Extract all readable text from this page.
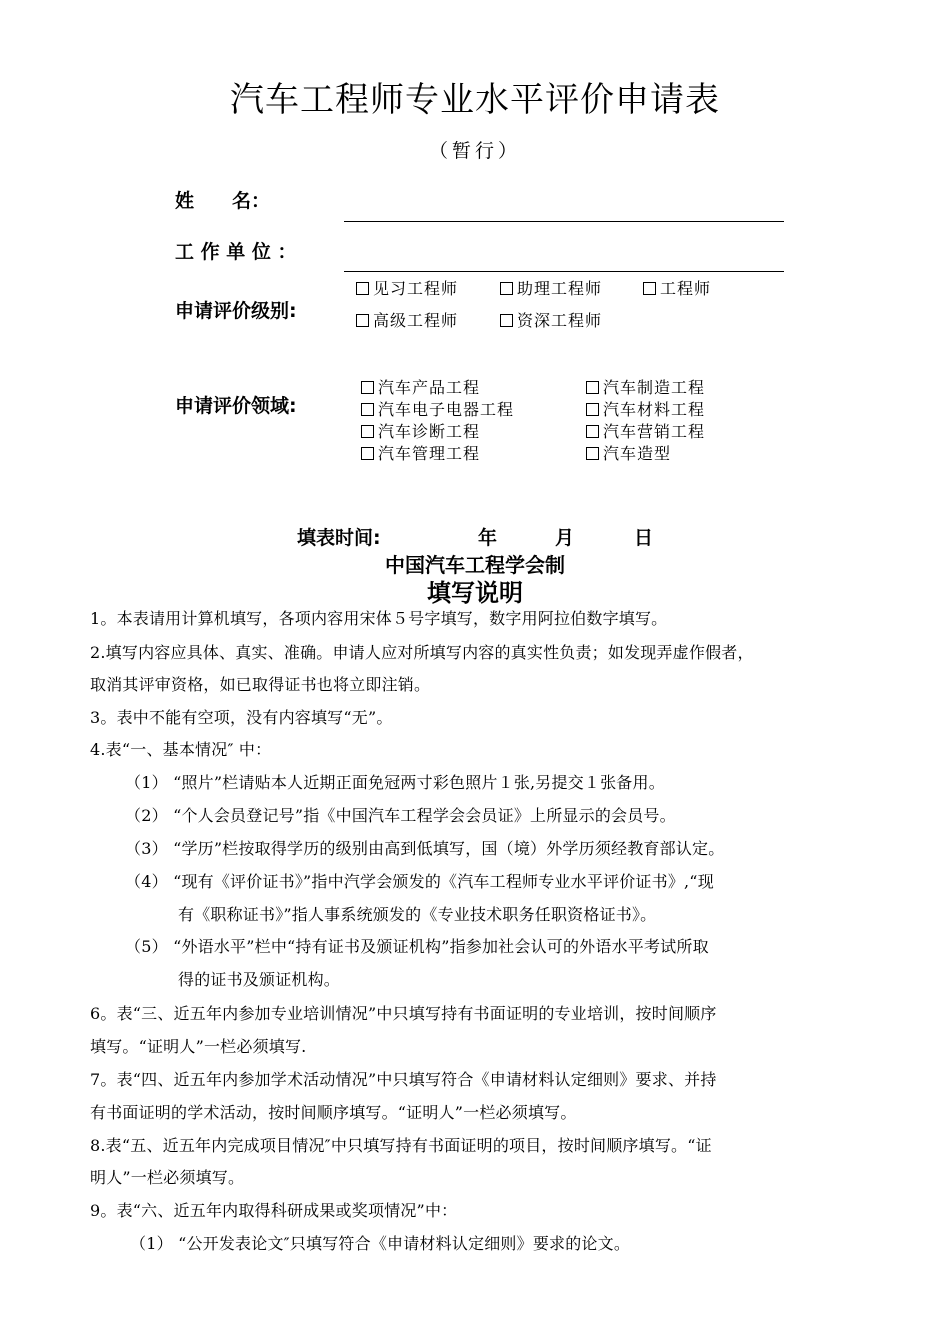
汽车工程师专业水平评价申请表
（暂行）
姓　　名：
工 作 单 位 ：
申请评价级别:
见习工程师	助理工程师	工程师
高级工程师	资深工程师
申请评价领域:
汽车产品工程	汽车制造工程
汽车电子电器工程	汽车材料工程
汽车诊断工程	汽车营销工程
汽车管理工程	汽车造型
填表时间:	年	月	日
中国汽车工程学会制
填写说明
1。本表请用计算机填写，各项内容用宋体５号字填写，数字用阿拉伯数字填写。
2.填写内容应具体、真实、准确。申请人应对所填写内容的真实性负责；如发现弄虚作假者，
取消其评审资格，如已取得证书也将立即注销。
3。表中不能有空项，没有内容填写“无”。
4.表“一、基本情况″ 中：
（1） “照片”栏请贴本人近期正面免冠两寸彩色照片１张,另提交１张备用。
（2） “个人会员登记号”指《中国汽车工程学会会员证》上所显示的会员号。
（3） “学历”栏按取得学历的级别由高到低填写，国（境）外学历须经教育部认定。
（4） “现有《评价证书》”指中汽学会颁发的《汽车工程师专业水平评价证书》,“现
有《职称证书》”指人事系统颁发的《专业技术职务任职资格证书》。
（5） “外语水平”栏中“持有证书及颁证机构”指参加社会认可的外语水平考试所取
得的证书及颁证机构。
6。表“三、近五年内参加专业培训情况”中只填写持有书面证明的专业培训，按时间顺序
填写。“证明人”一栏必须填写.
7。表“四、近五年内参加学术活动情况”中只填写符合《申请材料认定细则》要求、并持
有书面证明的学术活动，按时间顺序填写。“证明人”一栏必须填写。
8.表“五、近五年内完成项目情况″中只填写持有书面证明的项目，按时间顺序填写。“证
明人”一栏必须填写。
9。表“六、近五年内取得科研成果或奖项情况”中：
（1） “公开发表论文″只填写符合《申请材料认定细则》要求的论文。
